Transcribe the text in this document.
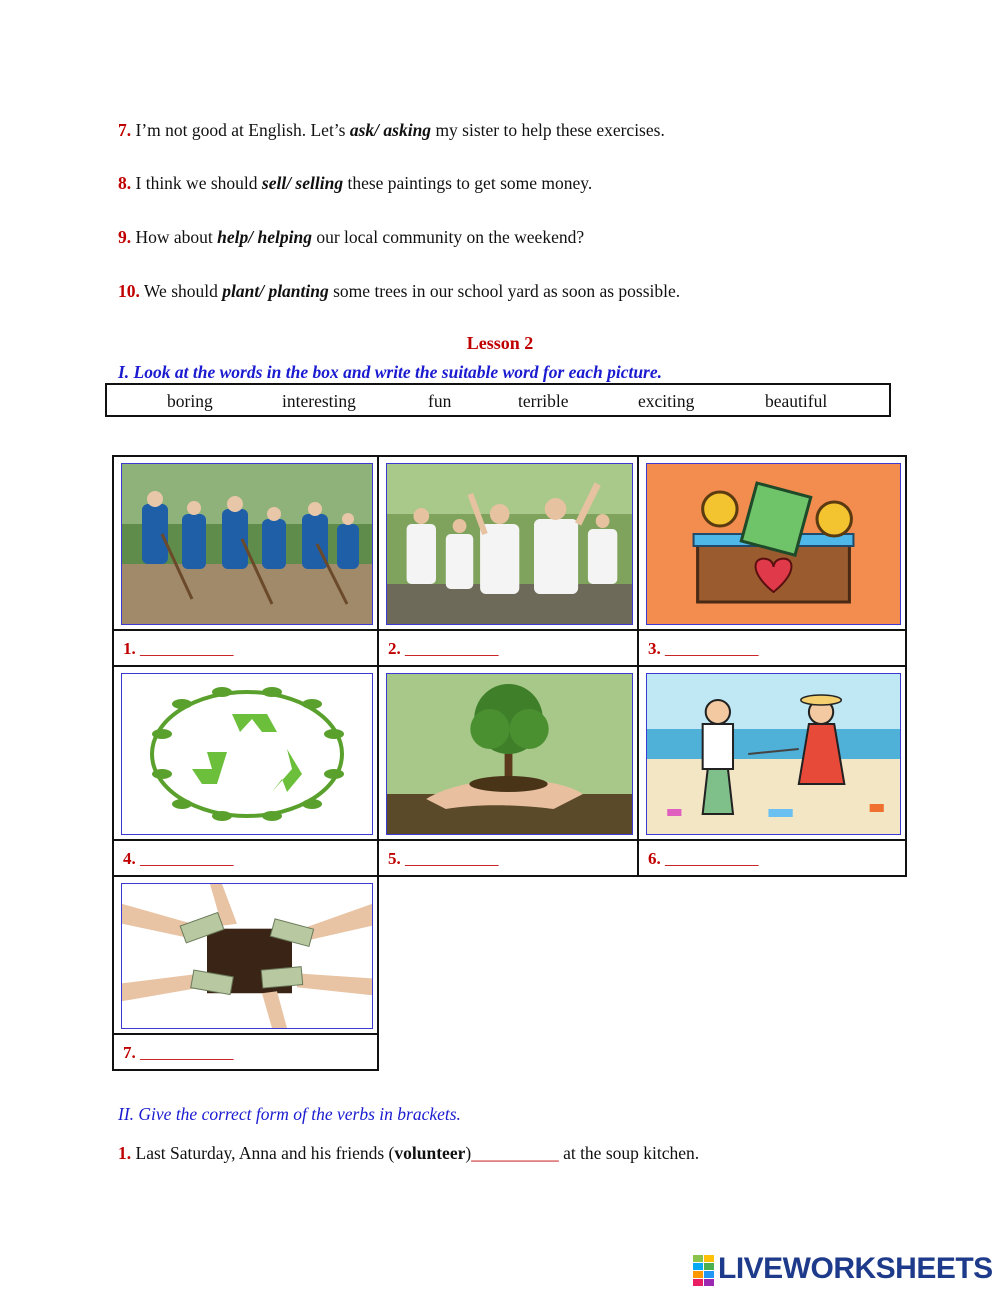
7. I’m not good at English. Let’s ask/ asking my sister to help these exercises.
8. I think we should sell/ selling these paintings to get some money.
9. How about help/ helping our local community on the weekend?
10. We should plant/ planting some trees in our school yard as soon as possible.
Lesson 2
I. Look at the words in the box and write the suitable word for each picture.
boring	interesting	fun	terrible	exciting	beautiful

1. ___________	2. ___________	3. ___________

4. ___________	5. ___________	6. ___________

7. ___________		

II. Give the correct form of the verbs in brackets.
1. Last Saturday, Anna and his friends (volunteer)__________ at the soup kitchen.
LIVEWORKSHEETS
